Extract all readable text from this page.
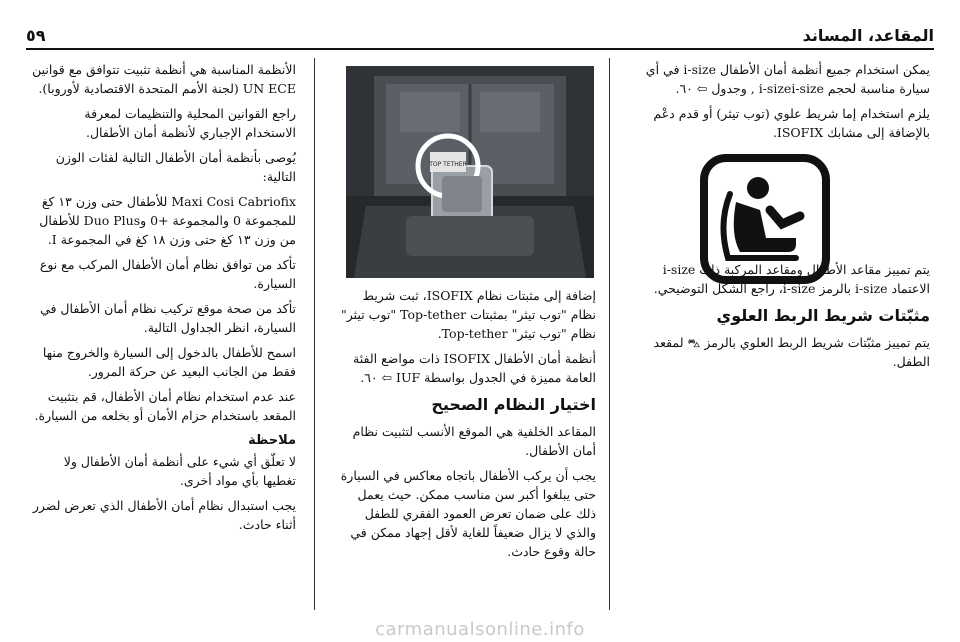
المقاعد، المساند
٥٩

يمكن استخدام جميع أنظمة أمان الأطفال i-size في أي سيارة مناسبة لحجم i-sizei-size , وجدول ⇦ ٦٠.

يلزم استخدام إما شريط علوي (توب تيثر) أو قدم دعْم بالإضافة إلى مشابك ISOFIX.

يتم تمييز مقاعد الأطفال ومقاعد المركبة ذات i-size الاعتماد i-size بالرمز i-size، راجع الشكل التوضيحي.

مثبّتات شريط الربط العلوي

يتم تمييز مثبّتات شريط الربط العلوي بالرمز ⛍ لمقعد الطفل.

TOP TETHER

إضافة إلى مثبتات نظام ISOFIX، ثبت شريط نظام "توب تيثر" بمثبتات Top-tether "توب تيثر" نظام "توب تيثر" Top-tether.

أنظمة أمان الأطفال ISOFIX ذات مواضع الفئة العامة مميزة في الجدول بواسطة IUF ⇦ ٦٠.

اختيار النظام الصحيح

المقاعد الخلفية هي الموقع الأنسب لتثبيت نظام أمان الأطفال.

يجب أن يركب الأطفال باتجاه معاكس في السيارة حتى يبلغوا أكبر سن مناسب ممكن. حيث يعمل ذلك على ضمان تعرض العمود الفقري للطفل والذي لا يزال ضعيفاً للغاية لأقل إجهاد ممكن في حالة وقوع حادث.

الأنظمة المناسبة هي أنظمة تثبيت تتوافق مع قوانين UN ECE (لجنة الأمم المتحدة الاقتصادية لأوروبا).

راجع القوانين المحلية والتنظيمات لمعرفة الاستخدام الإجباري لأنظمة أمان الأطفال.

يُوصى بأنظمة أمان الأطفال التالية لفئات الوزن التالية:

Maxi Cosi Cabriofix للأطفال حتى وزن ١٣ كغ للمجموعة 0 والمجموعة +0 وDuo Plus للأطفال من وزن ١٣ كغ حتى وزن ١٨ كغ في المجموعة I.

تأكد من توافق نظام أمان الأطفال المركب مع نوع السيارة.

تأكد من صحة موقع تركيب نظام أمان الأطفال في السيارة، انظر الجداول التالية.

اسمح للأطفال بالدخول إلى السيارة والخروج منها فقط من الجانب البعيد عن حركة المرور.

عند عدم استخدام نظام أمان الأطفال، قم بتثبيت المقعد باستخدام حزام الأمان أو بخلعه من السيارة.

ملاحظة

لا تعلّق أي شيء على أنظمة أمان الأطفال ولا تغطيها بأي مواد أخرى.

يجب استبدال نظام أمان الأطفال الذي تعرض لضرر أثناء حادث.

carmanualsonline.info
